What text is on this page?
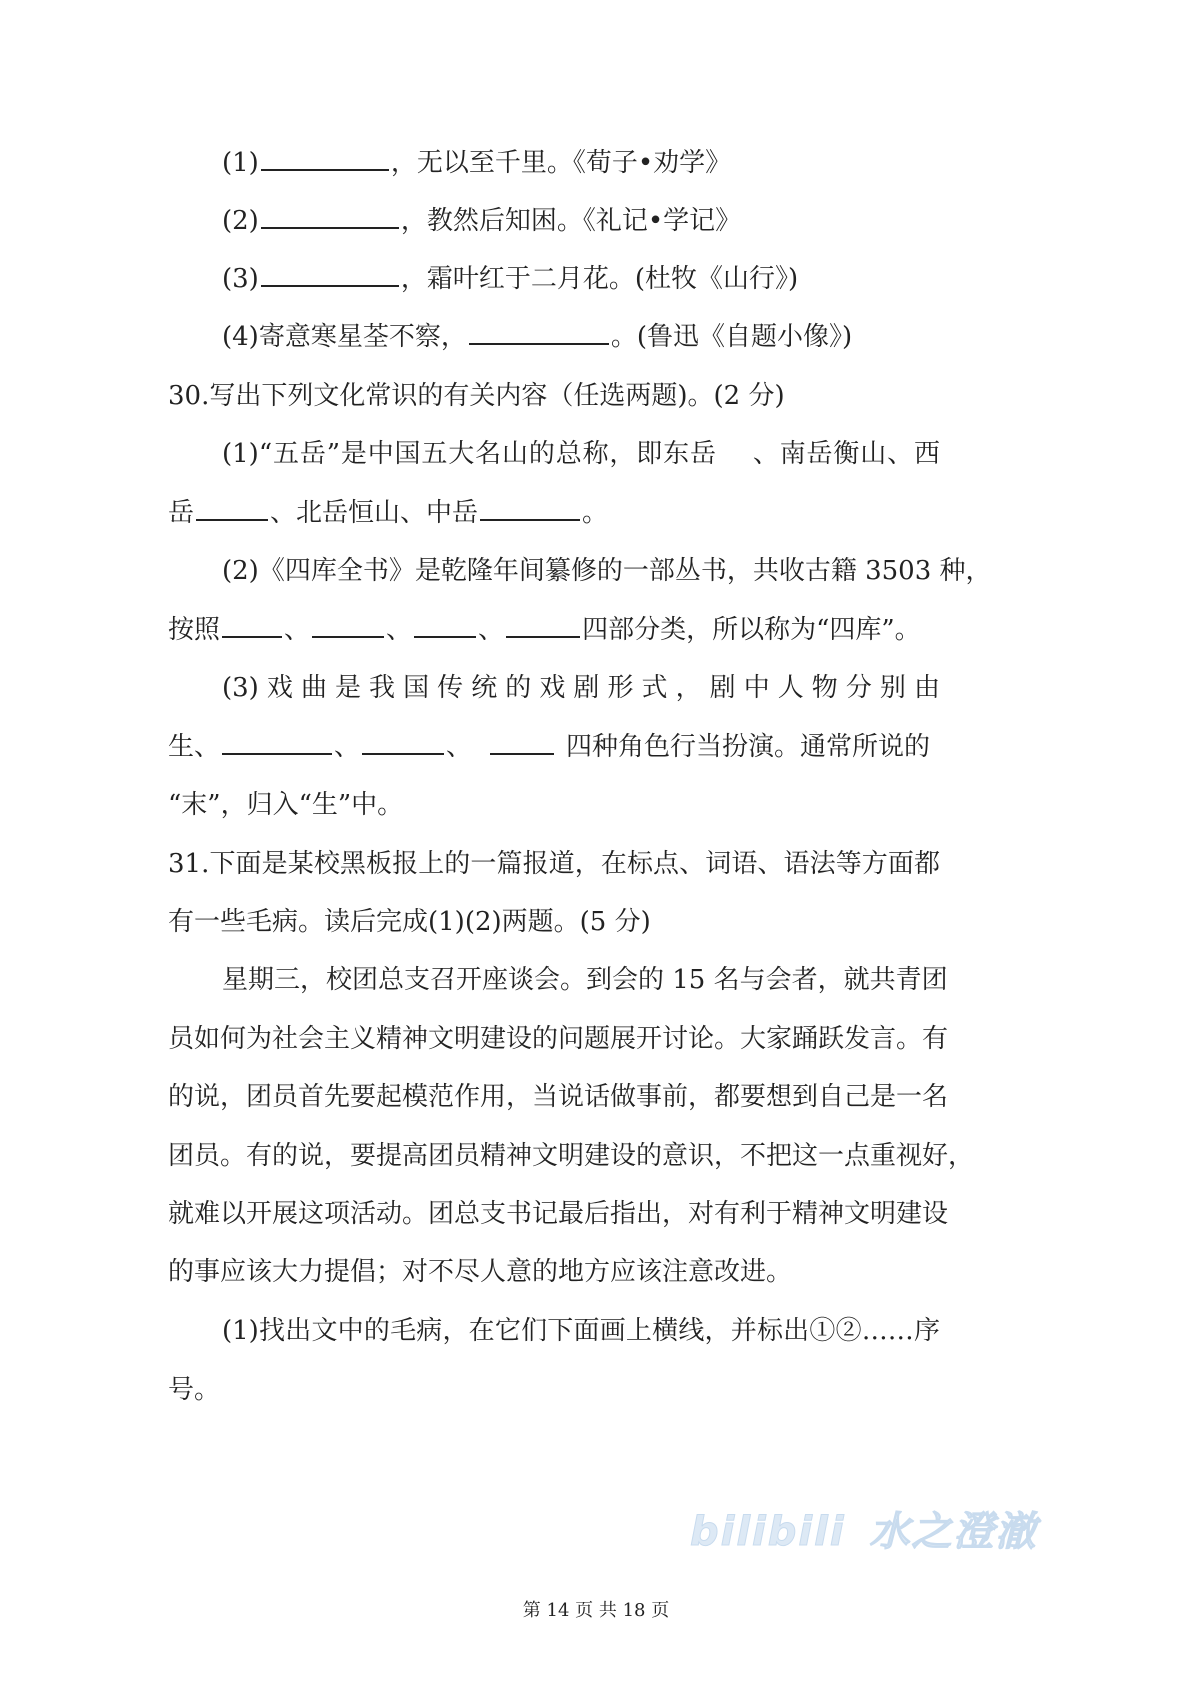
(1)	，无以至千里。《荀子•劝学》
(2)	，教然后知困。《礼记•学记》
(3)	，霜叶红于二月花。(杜牧《山行》)
(4)寄意寒星荃不察，	。(鲁迅《自题小像》)
30.写出下列文化常识的有关内容（任选两题)。(2 分)
(1)“五岳”是中国五大名山的总称，即东岳　 、南岳衡山、西
岳	、北岳恒山、中岳	。
(2)《四库全书》是乾隆年间纂修的一部丛书，共收古籍 3503 种，
按照 、	、	、	四部分类，所以称为“四库”。
(3)戏曲是我国传统的戏剧形式，剧中人物分别由
生、	、	、	四种角色行当扮演。通常所说的
“末”，归入“生”中。
31.下面是某校黑板报上的一篇报道，在标点、词语、语法等方面都
有一些毛病。读后完成(1)(2)两题。(5 分)
星期三，校团总支召开座谈会。到会的 15 名与会者，就共青团
员如何为社会主义精神文明建设的问题展开讨论。大家踊跃发言。有
的说，团员首先要起模范作用，当说话做事前，都要想到自己是一名
团员。有的说，要提高团员精神文明建设的意识，不把这一点重视好，
就难以开展这项活动。团总支书记最后指出，对有利于精神文明建设
的事应该大力提倡；对不尽人意的地方应该注意改进。
(1)找出文中的毛病，在它们下面画上横线，并标出①②……序
号。
bilibili 水之澄澈
第 14 页 共 18 页
